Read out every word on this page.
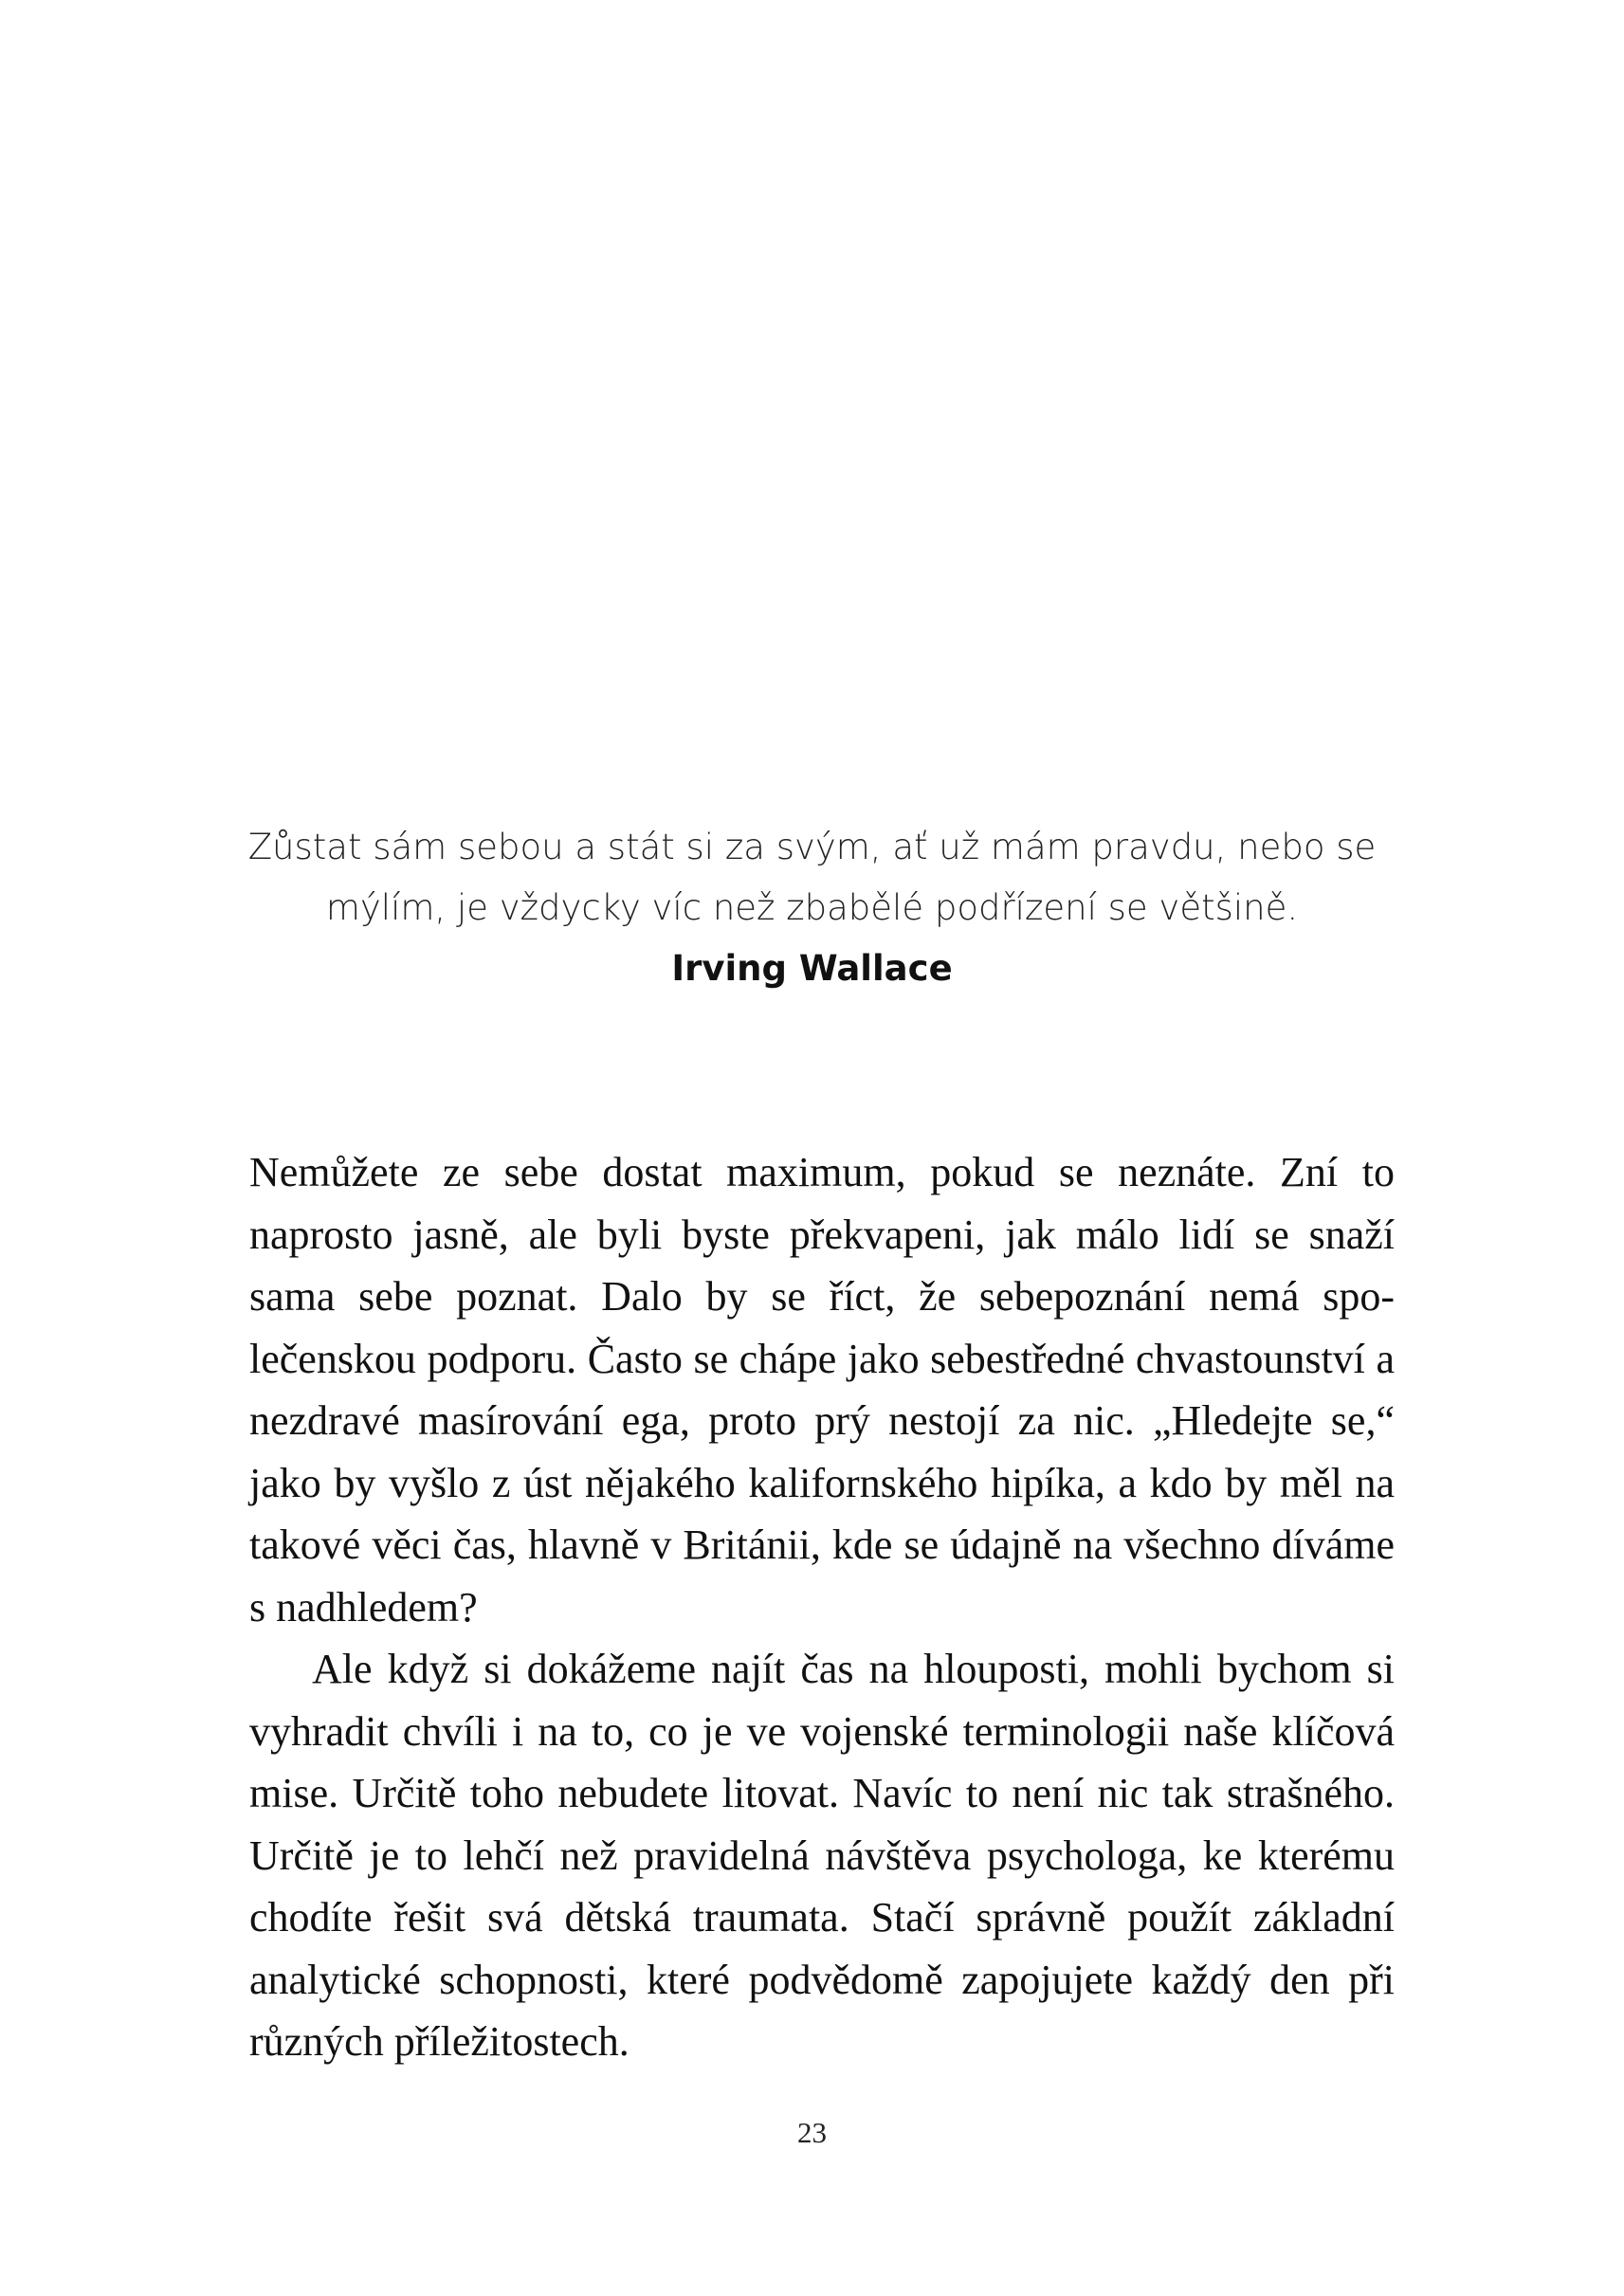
Zůstat sám sebou a stát si za svým, ať už mám pravdu, nebo se
mýlím, je vždycky víc než zbabělé podřízení se většině.

Irving Wallace

Nemůžete ze sebe dostat maximum, pokud se neznáte. Zní to naprosto jasně, ale byli byste překvapeni, jak málo lidí se snaží sama sebe poznat. Dalo by se říct, že sebepoznání nemá společenskou podporu. Často se chápe jako sebestředné chvastounství a nezdravé masírování ega, proto prý nestojí za nic. „Hledejte se,“ jako by vyšlo z úst nějakého kalifornského hipíka, a kdo by měl na takové věci čas, hlavně v Británii, kde se údajně na všechno díváme s nadhledem?

Ale když si dokážeme najít čas na hlouposti, mohli bychom si vyhradit chvíli i na to, co je ve vojenské terminologii naše klíčová mise. Určitě toho nebudete litovat. Navíc to není nic tak strašného. Určitě je to lehčí než pravidelná návštěva psychologa, ke kterému chodíte řešit svá dětská traumata. Stačí správně použít základní analytické schopnosti, které podvědomě zapojujete každý den při různých příležitostech.

23
